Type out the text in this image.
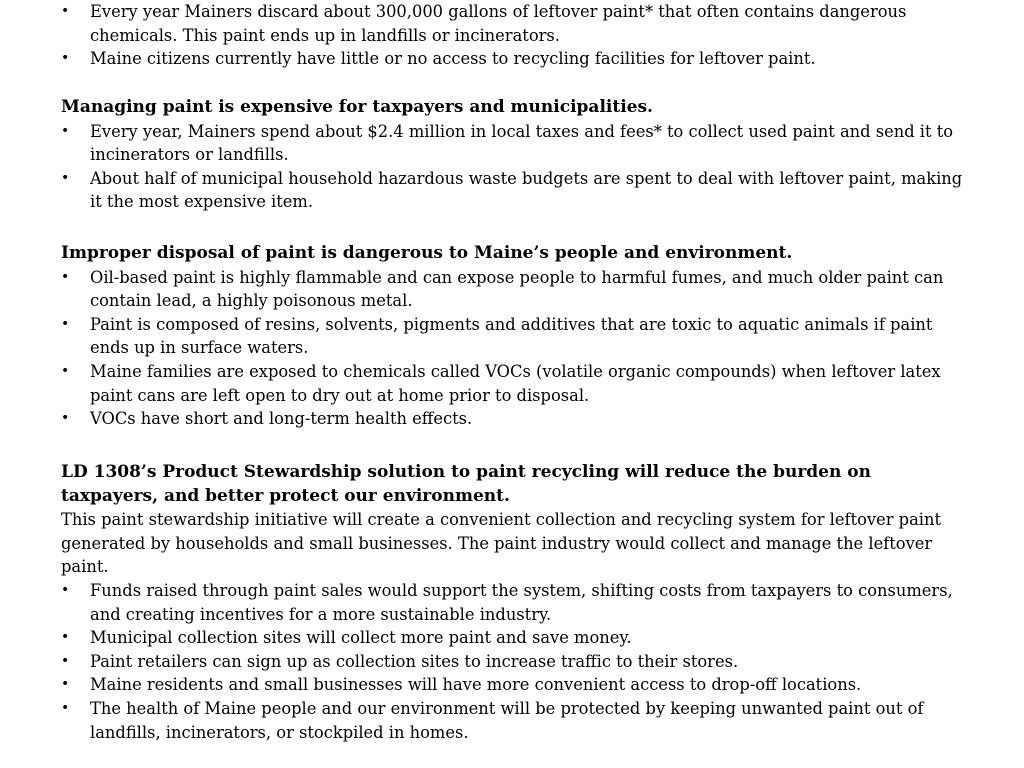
• Every year Mainers discard about 300,000 gallons of leftover paint* that often contains dangerous chemicals. This paint ends up in landfills or incinerators.
• Maine citizens currently have little or no access to recycling facilities for leftover paint.

Managing paint is expensive for taxpayers and municipalities.

• Every year, Mainers spend about $2.4 million in local taxes and fees* to collect used paint and send it to incinerators or landfills.
• About half of municipal household hazardous waste budgets are spent to deal with leftover paint, making it the most expensive item.

Improper disposal of paint is dangerous to Maine’s people and environment.

• Oil-based paint is highly flammable and can expose people to harmful fumes, and much older paint can contain lead, a highly poisonous metal.
• Paint is composed of resins, solvents, pigments and additives that are toxic to aquatic animals if paint ends up in surface waters.
• Maine families are exposed to chemicals called VOCs (volatile organic compounds) when leftover latex paint cans are left open to dry out at home prior to disposal.
• VOCs have short and long-term health effects.

LD 1308’s Product Stewardship solution to paint recycling will reduce the burden on taxpayers, and better protect our environment.

This paint stewardship initiative will create a convenient collection and recycling system for leftover paint generated by households and small businesses. The paint industry would collect and manage the leftover paint.

• Funds raised through paint sales would support the system, shifting costs from taxpayers to consumers, and creating incentives for a more sustainable industry.
• Municipal collection sites will collect more paint and save money.
• Paint retailers can sign up as collection sites to increase traffic to their stores.
• Maine residents and small businesses will have more convenient access to drop-off locations.
• The health of Maine people and our environment will be protected by keeping unwanted paint out of landfills, incinerators, or stockpiled in homes.
